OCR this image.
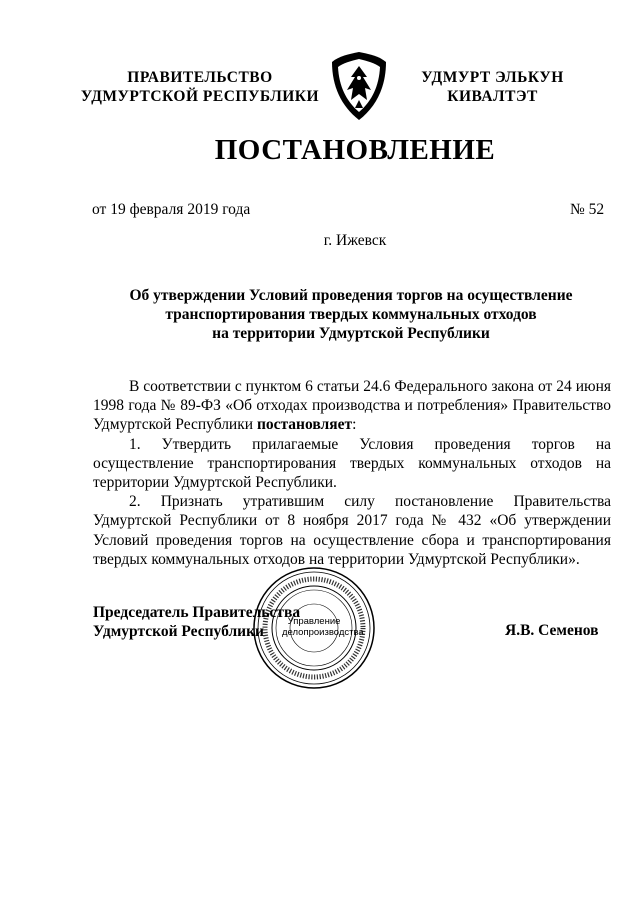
ПРАВИТЕЛЬСТВО
УДМУРТСКОЙ РЕСПУБЛИКИ
УДМУРТ ЭЛЬКУН
КИВАЛТЭТ
ПОСТАНОВЛЕНИЕ
от 19 февраля 2019 года	№ 52
г. Ижевск
Об утверждении Условий проведения торгов на осуществление
транспортирования твердых коммунальных отходов
на территории Удмуртской Республики

В соответствии с пунктом 6 статьи 24.6 Федерального закона от 24 июня 1998 года № 89-ФЗ «Об отходах производства и потребления» Правительство Удмуртской Республики постановляет:

1. Утвердить прилагаемые Условия проведения торгов на осуществление транспортирования твердых коммунальных отходов на территории Удмуртской Республики.

2. Признать утратившим силу постановление Правительства Удмуртской Республики от 8 ноября 2017 года № 432 «Об утверждении Условий проведения торгов на осуществление сбора и транспортирования твердых коммунальных отходов на территории Удмуртской Республики».

Управление
делопроизводства
Председатель Правительства
Удмуртской Республики	Я.В. Семенов
